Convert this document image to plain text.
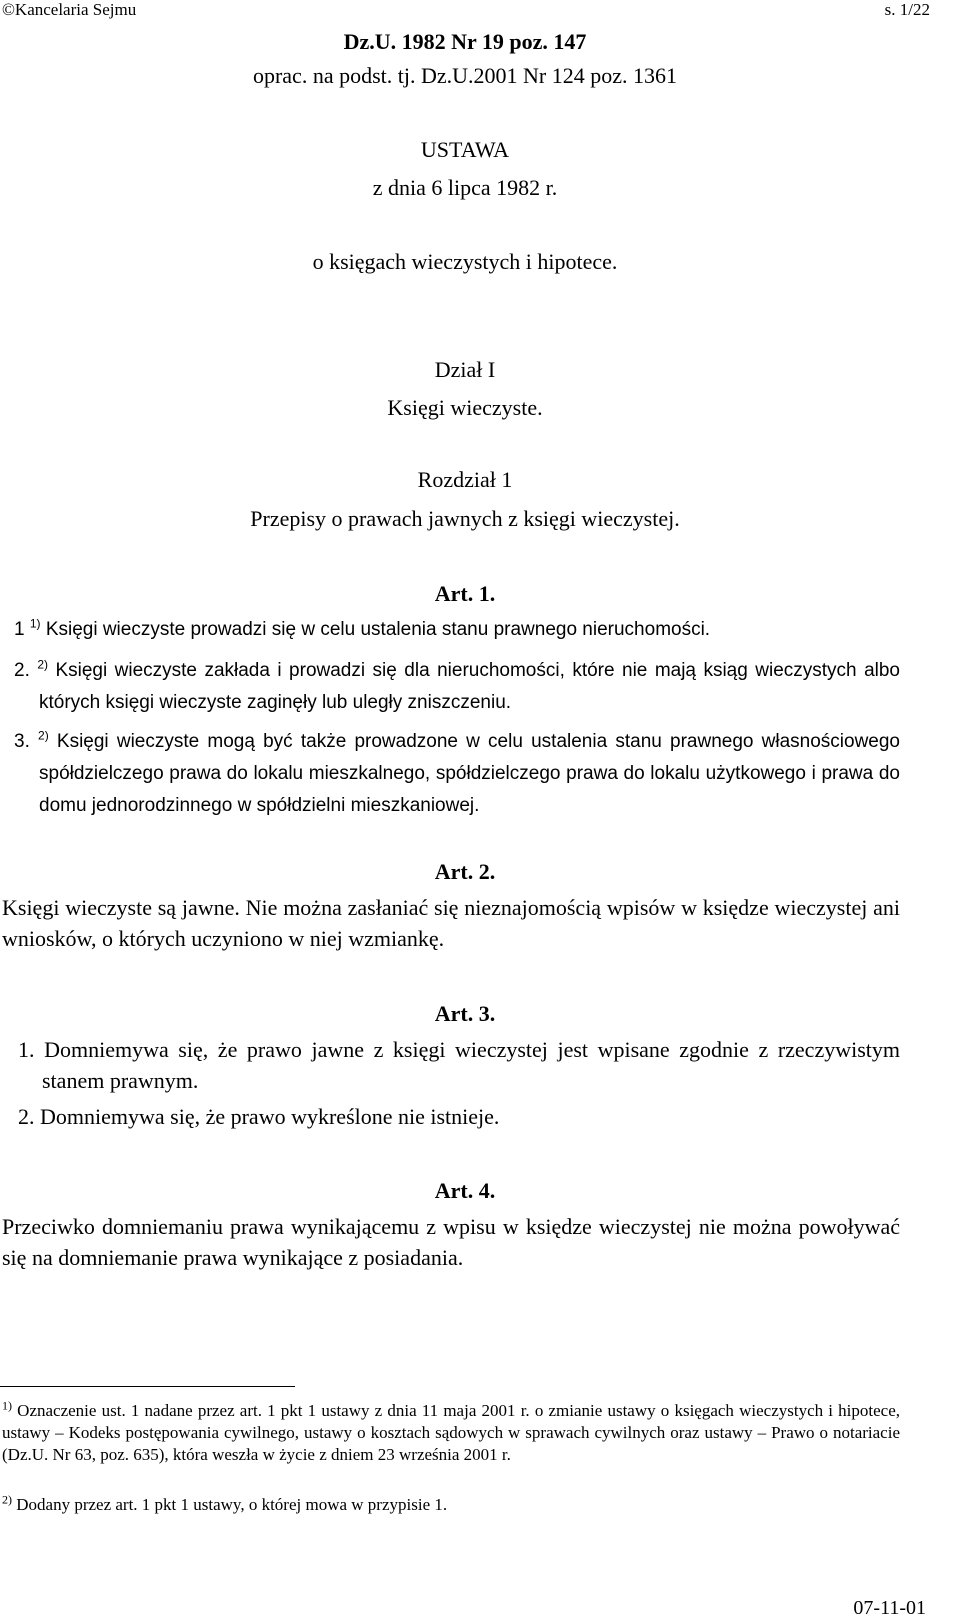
©Kancelaria Sejmu	s. 1/22
Dz.U. 1982 Nr 19 poz. 147
oprac. na podst. tj. Dz.U.2001 Nr 124 poz. 1361
USTAWA
z dnia 6 lipca 1982 r.
o księgach wieczystych i hipotece.
Dział I
Księgi wieczyste.
Rozdział 1
Przepisy o prawach jawnych z księgi wieczystej.
Art. 1.

1 $^{1)}$ Księgi wieczyste prowadzi się w celu ustalenia stanu prawnego nieruchomości.

2. $^{2)}$ Księgi wieczyste zakłada i prowadzi się dla nieruchomości, które nie mają ksiąg wieczystych albo których księgi wieczyste zaginęły lub uległy zniszczeniu.

3. $^{2)}$ Księgi wieczyste mogą być także prowadzone w celu ustalenia stanu prawnego własnościowego spółdzielczego prawa do lokalu mieszkalnego, spółdzielczego prawa do lokalu użytkowego i prawa do domu jednorodzinnego w spółdzielni mieszkaniowej.

Art. 2.

Księgi wieczyste są jawne. Nie można zasłaniać się nieznajomością wpisów w księdze wieczystej ani wniosków, o których uczyniono w niej wzmiankę.

Art. 3.

1. Domniemywa się, że prawo jawne z księgi wieczystej jest wpisane zgodnie z rzeczywistym stanem prawnym.

2. Domniemywa się, że prawo wykreślone nie istnieje.

Art. 4.

Przeciwko domniemaniu prawa wynikającemu z wpisu w księdze wieczystej nie można powoływać się na domniemanie prawa wynikające z posiadania.

$^{1)}$ Oznaczenie ust. 1 nadane przez art. 1 pkt 1 ustawy z dnia 11 maja 2001 r. o zmianie ustawy o księgach wieczystych i hipotece, ustawy – Kodeks postępowania cywilnego, ustawy o kosztach sądowych w sprawach cywilnych oraz ustawy – Prawo o notariacie (Dz.U. Nr 63, poz. 635), która weszła w życie z dniem 23 września 2001 r.

$^{2)}$ Dodany przez art. 1 pkt 1 ustawy, o której mowa w przypisie 1.

07-11-01
